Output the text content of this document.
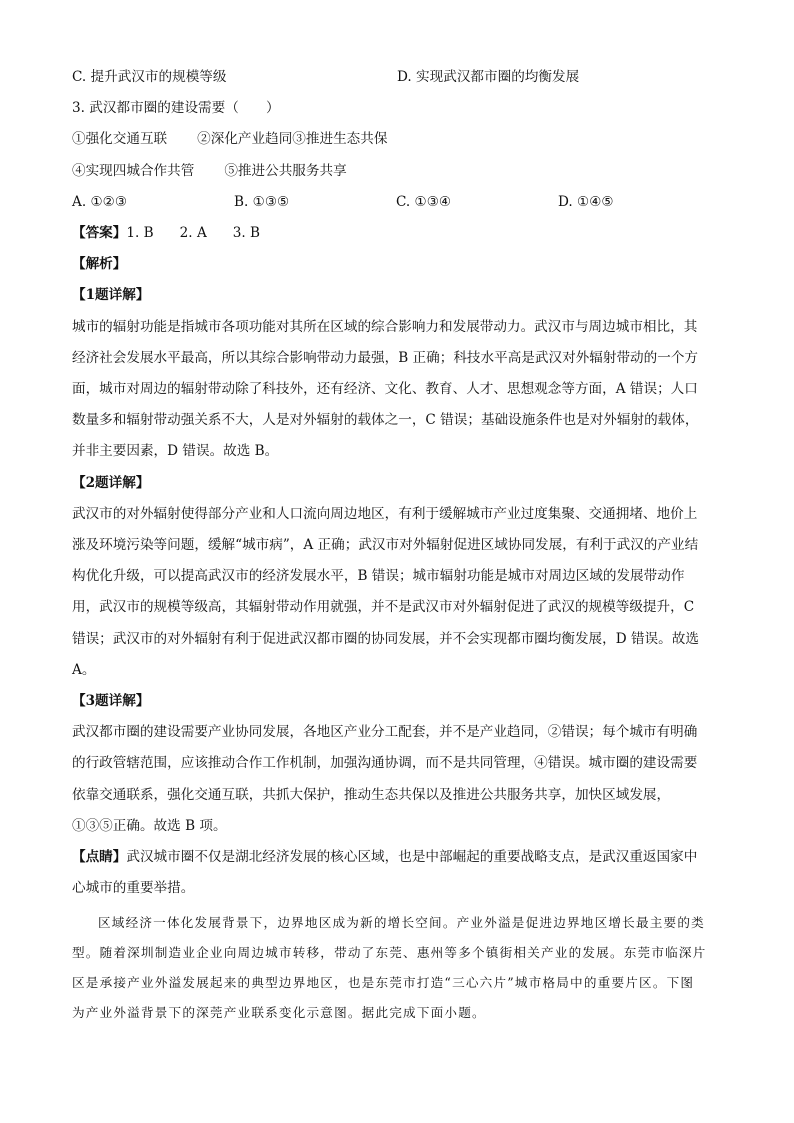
C. 提升武汉市的规模等级	D. 实现武汉都市圈的均衡发展
3. 武汉都市圈的建设需要（　　）
①强化交通互联 ②深化产业趋同③推进生态共保
④实现四城合作共管 ⑤推进公共服务共享
A. ①②③	B. ①③⑤	C. ①③④	D. ①④⑤
【答案】1. B 2. A 3. B
【解析】
【1题详解】
城市的辐射功能是指城市各项功能对其所在区域的综合影响力和发展带动力。武汉市与周边城市相比，其
经济社会发展水平最高，所以其综合影响带动力最强，B 正确；科技水平高是武汉对外辐射带动的一个方
面，城市对周边的辐射带动除了科技外，还有经济、文化、教育、人才、思想观念等方面，A 错误；人口
数量多和辐射带动强关系不大，人是对外辐射的载体之一，C 错误；基础设施条件也是对外辐射的载体，
并非主要因素，D 错误。故选 B。
【2题详解】
武汉市的对外辐射使得部分产业和人口流向周边地区，有利于缓解城市产业过度集聚、交通拥堵、地价上
涨及环境污染等问题，缓解“城市病”，A 正确；武汉市对外辐射促进区域协同发展，有利于武汉的产业结
构优化升级，可以提高武汉市的经济发展水平，B 错误；城市辐射功能是城市对周边区域的发展带动作
用，武汉市的规模等级高，其辐射带动作用就强，并不是武汉市对外辐射促进了武汉的规模等级提升，C
错误；武汉市的对外辐射有利于促进武汉都市圈的协同发展，并不会实现都市圈均衡发展，D 错误。故选
A。
【3题详解】
武汉都市圈的建设需要产业协同发展，各地区产业分工配套，并不是产业趋同，②错误；每个城市有明确
的行政管辖范围，应该推动合作工作机制，加强沟通协调，而不是共同管理，④错误。城市圈的建设需要
依靠交通联系，强化交通互联，共抓大保护，推动生态共保以及推进公共服务共享，加快区域发展，
①③⑤正确。故选 B 项。
【点睛】武汉城市圈不仅是湖北经济发展的核心区域，也是中部崛起的重要战略支点，是武汉重返国家中
心城市的重要举措。
区域经济一体化发展背景下，边界地区成为新的增长空间。产业外溢是促进边界地区增长最主要的类
型。随着深圳制造业企业向周边城市转移，带动了东莞、惠州等多个镇街相关产业的发展。东莞市临深片
区是承接产业外溢发展起来的典型边界地区，也是东莞市打造“三心六片”城市格局中的重要片区。下图
为产业外溢背景下的深莞产业联系变化示意图。据此完成下面小题。
